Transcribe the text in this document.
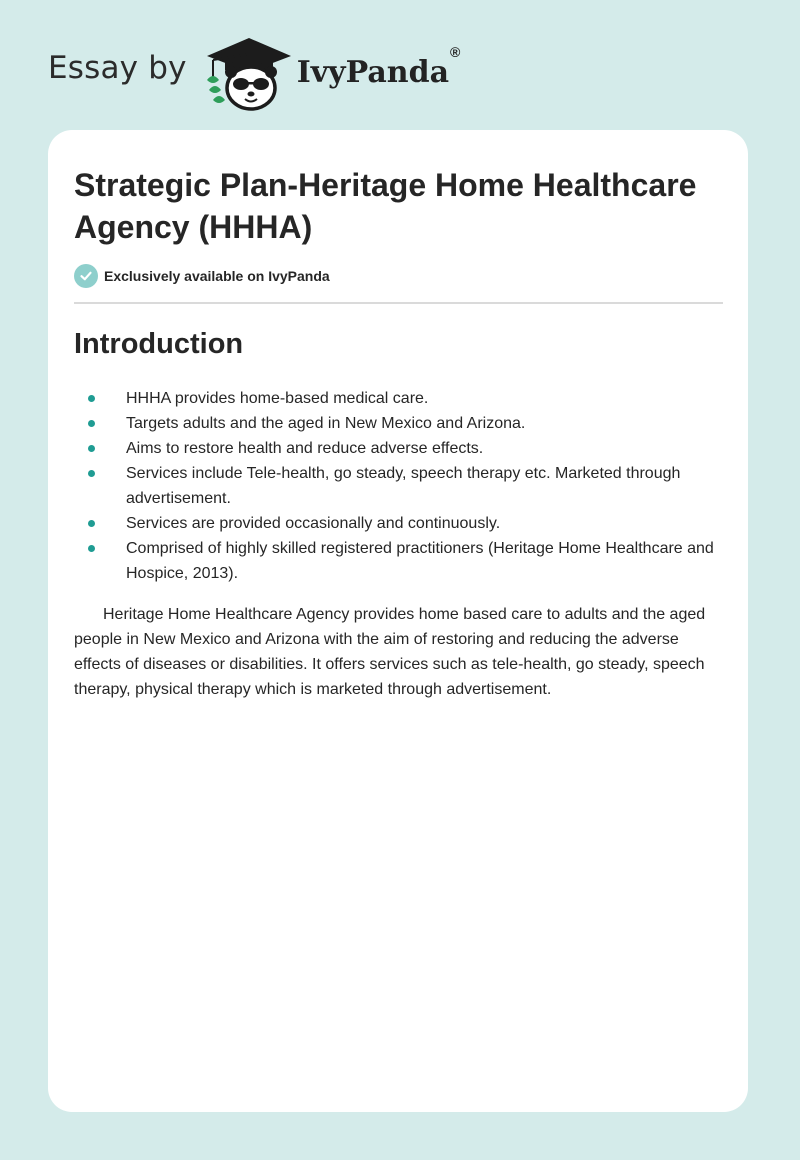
Essay by	IvyPanda®
Strategic Plan-Heritage Home Healthcare Agency (HHHA)
Exclusively available on IvyPanda
Introduction
HHHA provides home-based medical care.
Targets adults and the aged in New Mexico and Arizona.
Aims to restore health and reduce adverse effects.
Services include Tele-health, go steady, speech therapy etc. Marketed through advertisement.
Services are provided occasionally and continuously.
Comprised of highly skilled registered practitioners (Heritage Home Healthcare and Hospice, 2013).

Heritage Home Healthcare Agency provides home based care to adults and the aged people in New Mexico and Arizona with the aim of restoring and reducing the adverse effects of diseases or disabilities. It offers services such as tele-health, go steady, speech therapy, physical therapy which is marketed through advertisement.
